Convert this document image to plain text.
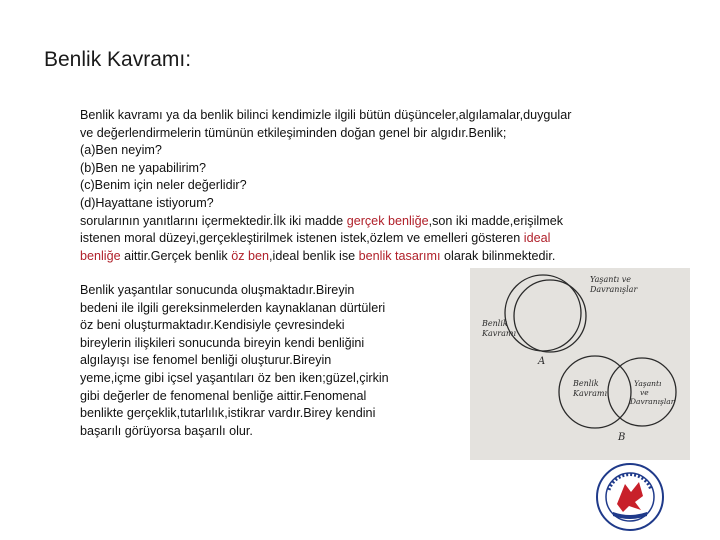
Benlik Kavramı:
Benlik kavramı ya da benlik bilinci kendimizle ilgili bütün düşünceler,algılamalar,duygular
ve değerlendirmelerin tümünün etkileşiminden doğan genel bir algıdır.Benlik;
(a)Ben neyim?
(b)Ben ne yapabilirim?
(c)Benim için neler değerlidir?
(d)Hayattane istiyorum?
sorularının yanıtlarını içermektedir.İlk iki madde gerçek benliğe,son iki madde,erişilmek
istenen moral düzeyi,gerçekleştirilmek istenen istek,özlem ve emelleri gösteren ideal
benliğe aittir.Gerçek benlik öz ben,ideal benlik ise benlik tasarımı olarak bilinmektedir.
Benlik yaşantılar sonucunda oluşmaktadır.Bireyin
bedeni ile ilgili gereksinmelerden kaynaklanan dürtüleri
öz beni oluşturmaktadır.Kendisiyle çevresindeki
bireylerin ilişkileri sonucunda bireyin kendi benliğini
algılayışı ise fenomel benliği oluşturur.Bireyin
yeme,içme gibi içsel yaşantıları öz ben iken;güzel,çirkin
gibi değerler de fenomenal benliğe aittir.Fenomenal
benlikte gerçeklik,tutarlılık,istikrar vardır.Birey kendini
başarılı görüyorsa başarılı olur.
Benlik
Kavramı
Yaşantı ve
Davranışlar
A
Benlik
Kavramı
Yaşantı
ve
Davranışlar
B
